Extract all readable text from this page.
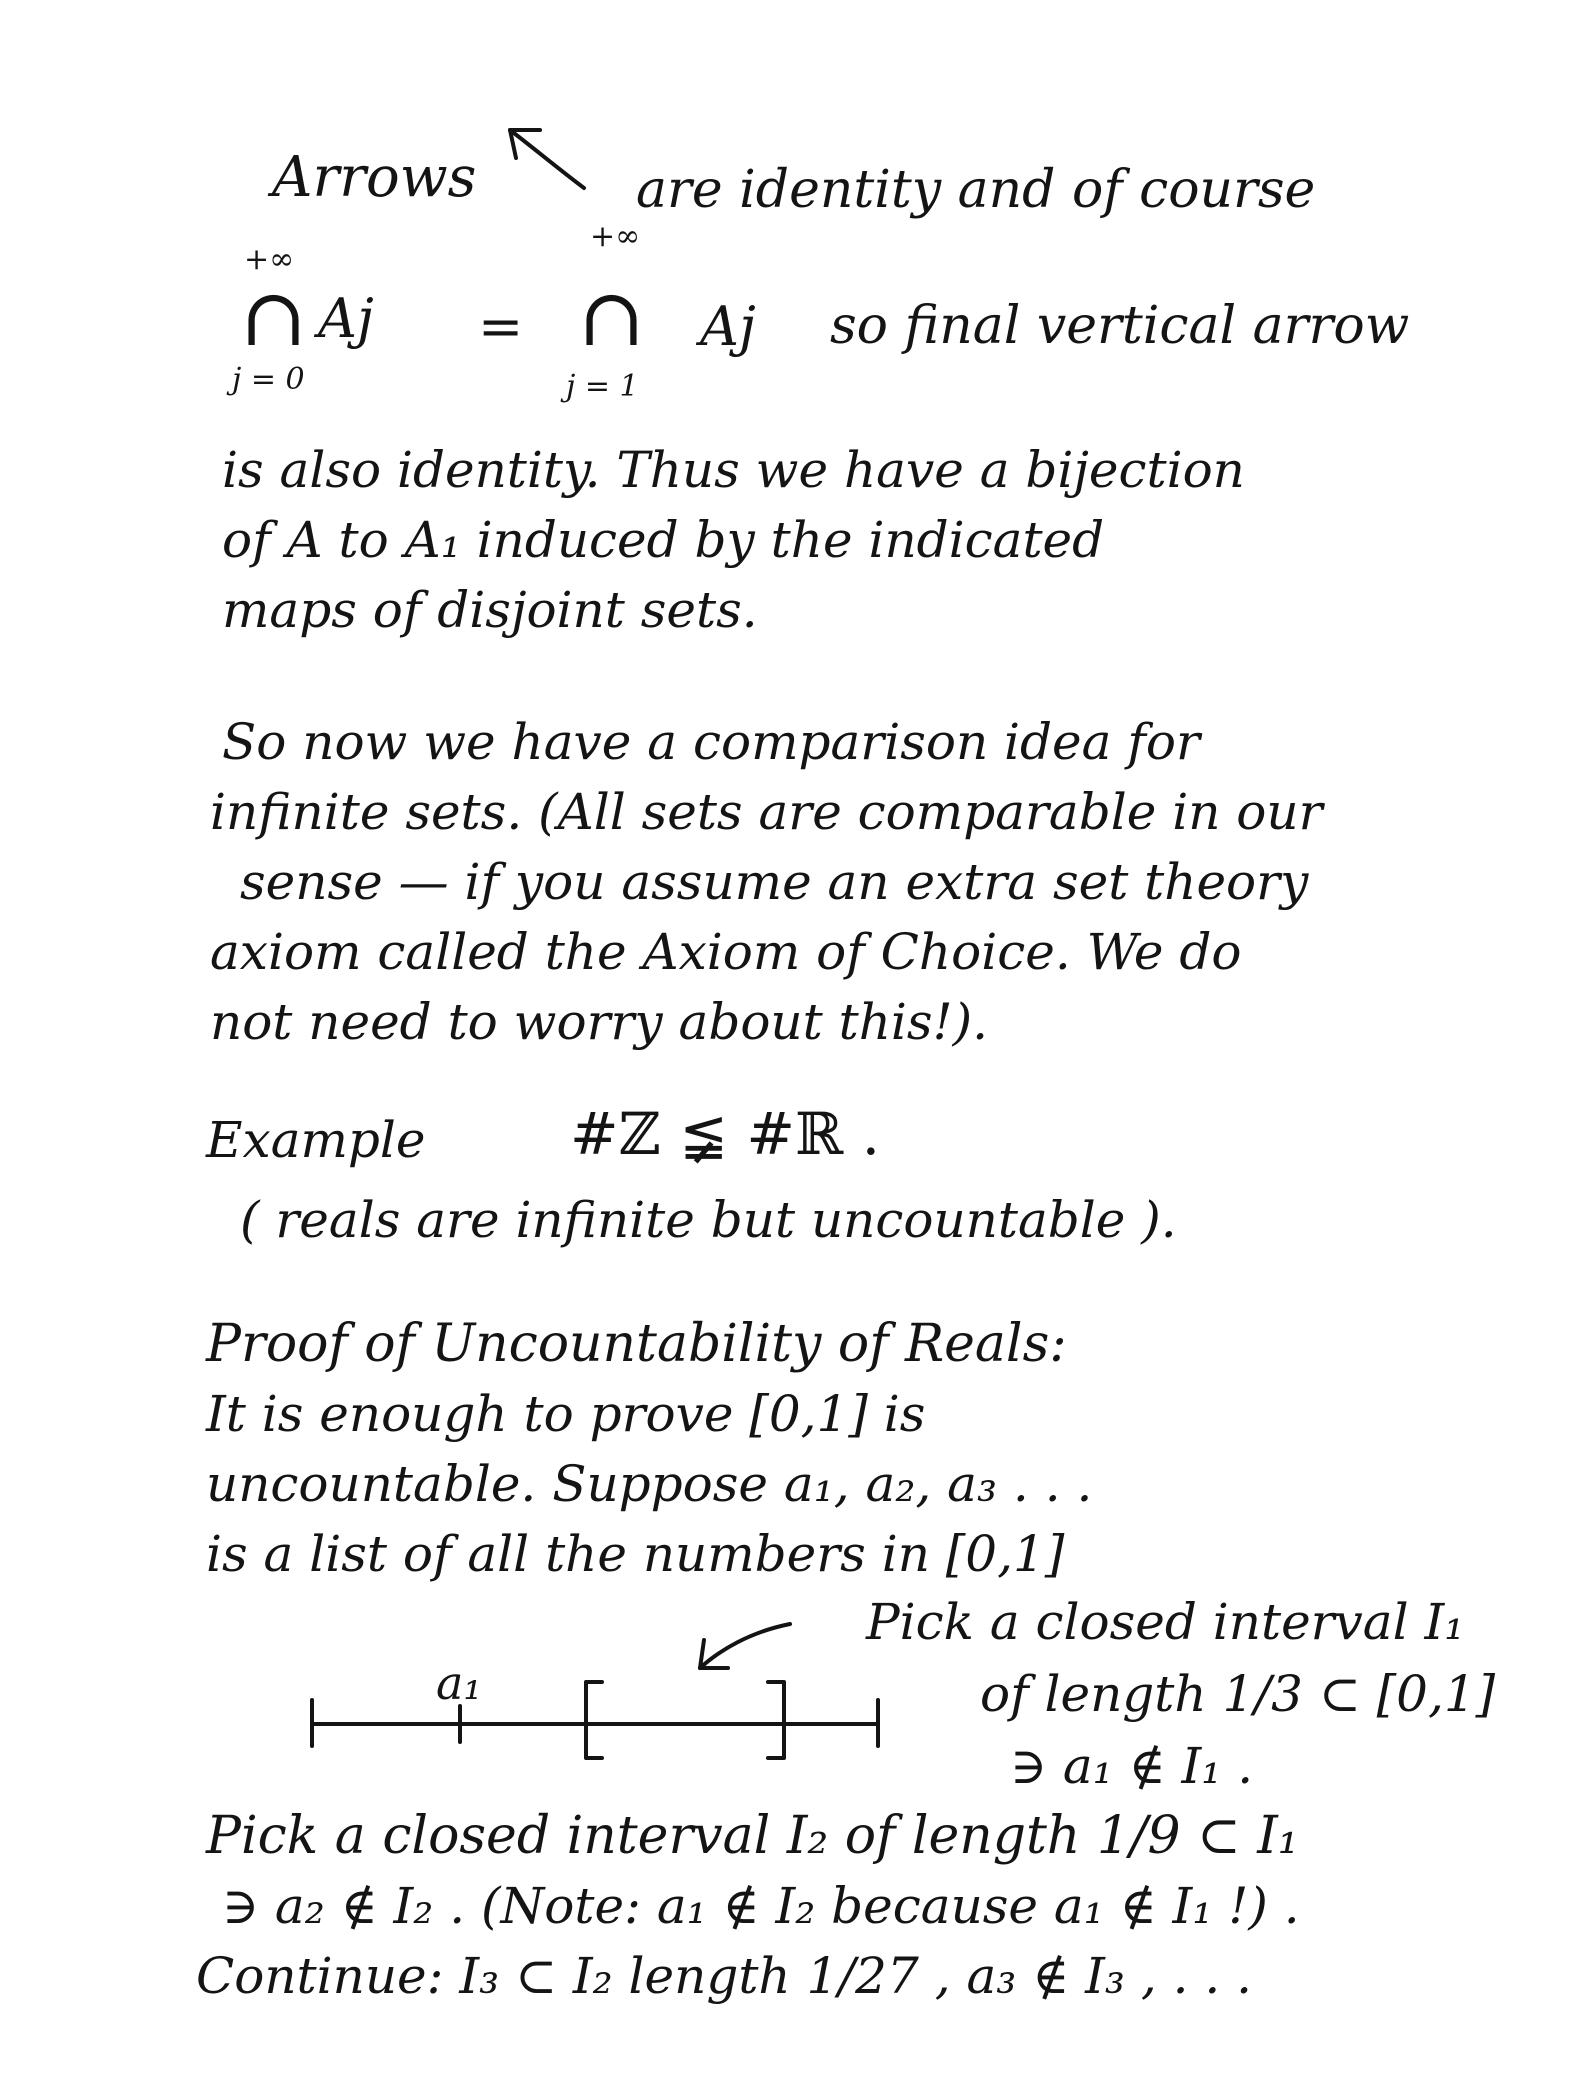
Arrows	are identity and of course
+∞
∩ Aj
j = 0
=
+∞
∩ Aj
j = 1
so final vertical arrow
is also identity. Thus we have a bijection
of A to A₁ induced by the indicated
maps of disjoint sets.
So now we have a comparison idea for
infinite sets. (All sets are comparable in our
sense — if you assume an extra set theory
axiom called the Axiom of Choice. We do
not need to worry about this!).
Example #ℤ ≨ #ℝ .
( reals are infinite but uncountable ).
Proof of Uncountability of Reals:
It is enough to prove [0,1] is
uncountable. Suppose a₁, a₂, a₃ . . .
is a list of all the numbers in [0,1]
Pick a closed interval I₁
of length 1/3 ⊂ [0,1]
∋ a₁ ∉ I₁ .
a₁
Pick a closed interval I₂ of length 1/9 ⊂ I₁
∋ a₂ ∉ I₂ . (Note: a₁ ∉ I₂ because a₁ ∉ I₁ !) .
Continue: I₃ ⊂ I₂ length 1/27 , a₃ ∉ I₃ , . . .
